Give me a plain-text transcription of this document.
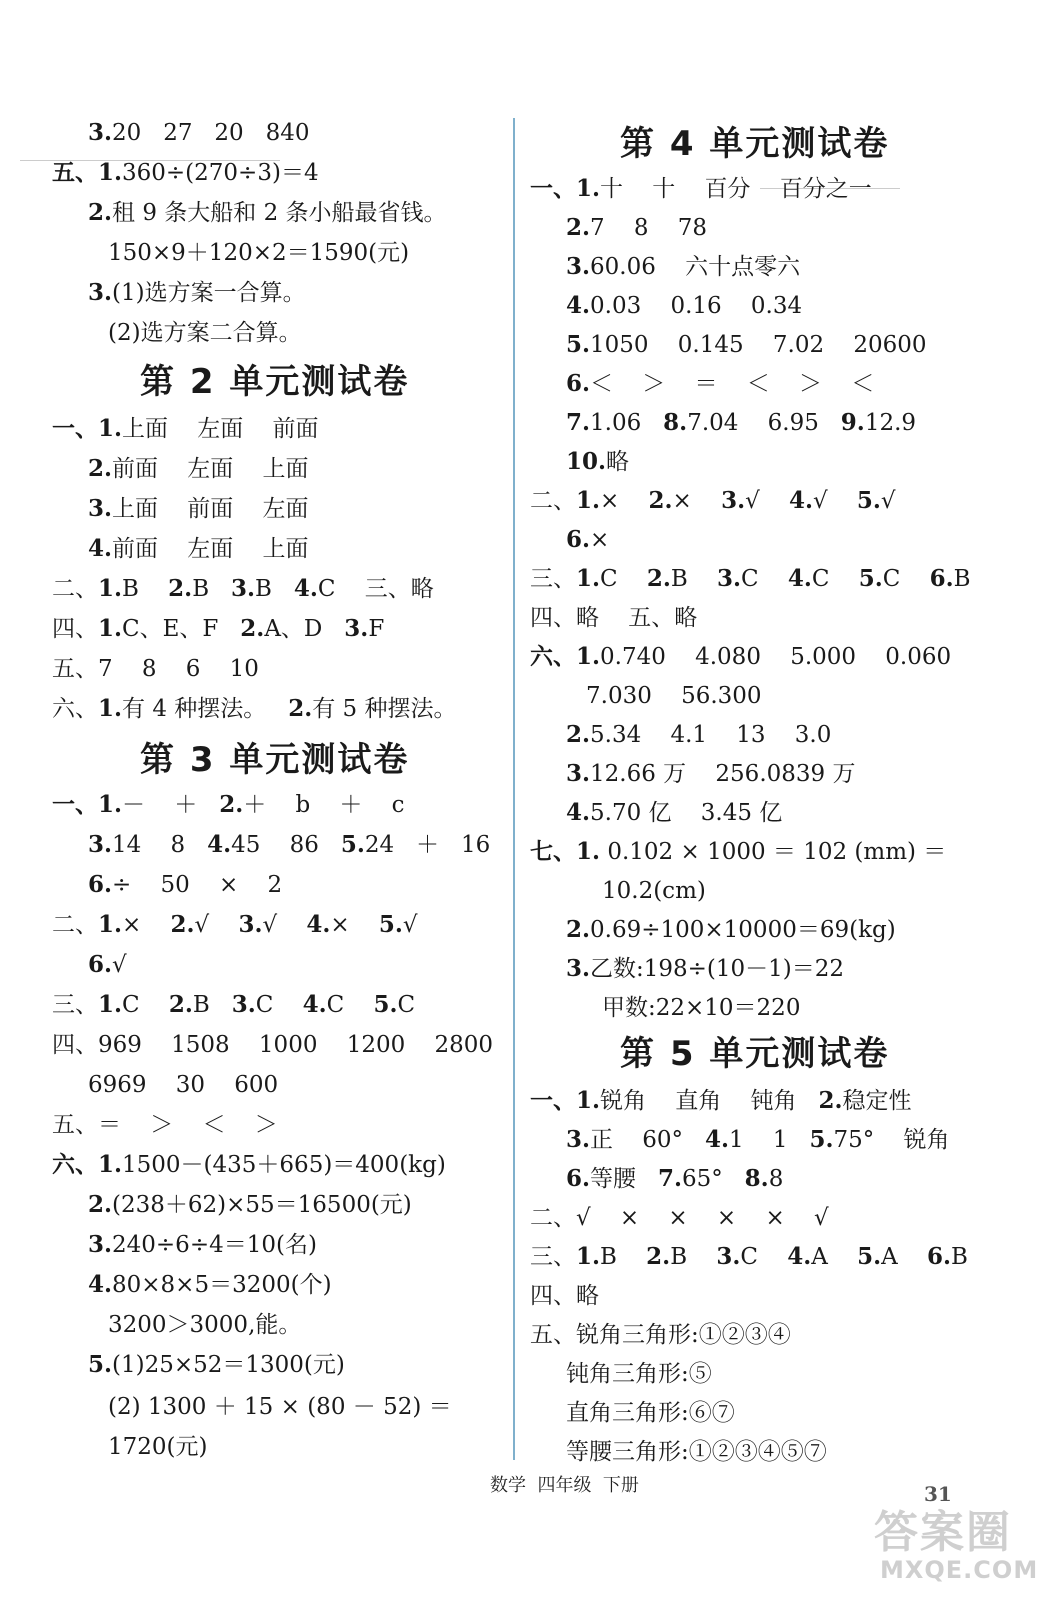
3.20   27   20   840
五、1.360÷(270÷3)＝4
2.租 9 条大船和 2 条小船最省钱。
150×9＋120×2＝1590(元)
3.(1)选方案一合算。
(2)选方案二合算。
第 2 单元测试卷
一、1.上面    左面    前面
2.前面    左面    上面
3.上面    前面    左面
4.前面    左面    上面
二、1.B    2.B   3.B   4.C    三、略
四、1.C、E、F   2.A、D   3.F
五、7    8    6    10
六、1.有 4 种摆法。   2.有 5 种摆法。
第 3 单元测试卷
一、1.－    ＋   2.＋    b    ＋    c
3.14    8   4.45    86   5.24   ＋   16
6.÷    50    ×    2
二、1.×    2.√    3.√    4.×    5.√
6.√
三、1.C    2.B   3.C    4.C    5.C
四、969    1508    1000    1200    2800
6969    30    600
五、＝    ＞    ＜    ＞
六、1.1500－(435＋665)＝400(kg)
2.(238＋62)×55＝16500(元)
3.240÷6÷4＝10(名)
4.80×8×5＝3200(个)
3200＞3000,能。
5.(1)25×52＝1300(元)
(2) 1300 ＋ 15 × (80 － 52) ＝
1720(元)
第 4 单元测试卷
一、1.十    十    百分    百分之一
2.7    8    78
3.60.06    六十点零六
4.0.03    0.16    0.34
5.1050    0.145    7.02    20600
6.＜    ＞    ＝    ＜    ＞    ＜
7.1.06   8.7.04    6.95   9.12.9
10.略
二、1.×    2.×    3.√    4.√    5.√
6.×
三、1.C    2.B    3.C    4.C    5.C    6.B
四、略    五、略
六、1.0.740    4.080    5.000    0.060
7.030    56.300
2.5.34    4.1    13    3.0
3.12.66 万    256.0839 万
4.5.70 亿    3.45 亿
七、1. 0.102 × 1000 ＝ 102 (mm) ＝
10.2(cm)
2.0.69÷100×10000＝69(kg)
3.乙数:198÷(10－1)＝22
甲数:22×10＝220
第 5 单元测试卷
一、1.锐角    直角    钝角   2.稳定性
3.正    60°   4.1    1   5.75°    锐角
6.等腰   7.65°   8.8
二、√    ×    ×    ×    ×    √
三、1.B    2.B    3.C    4.A    5.A    6.B
四、略
五、锐角三角形:①②③④
钝角三角形:⑤
直角三角形:⑥⑦
等腰三角形:①②③④⑤⑦
数学  四年级  下册	31
答案圈
MXQE.COM
